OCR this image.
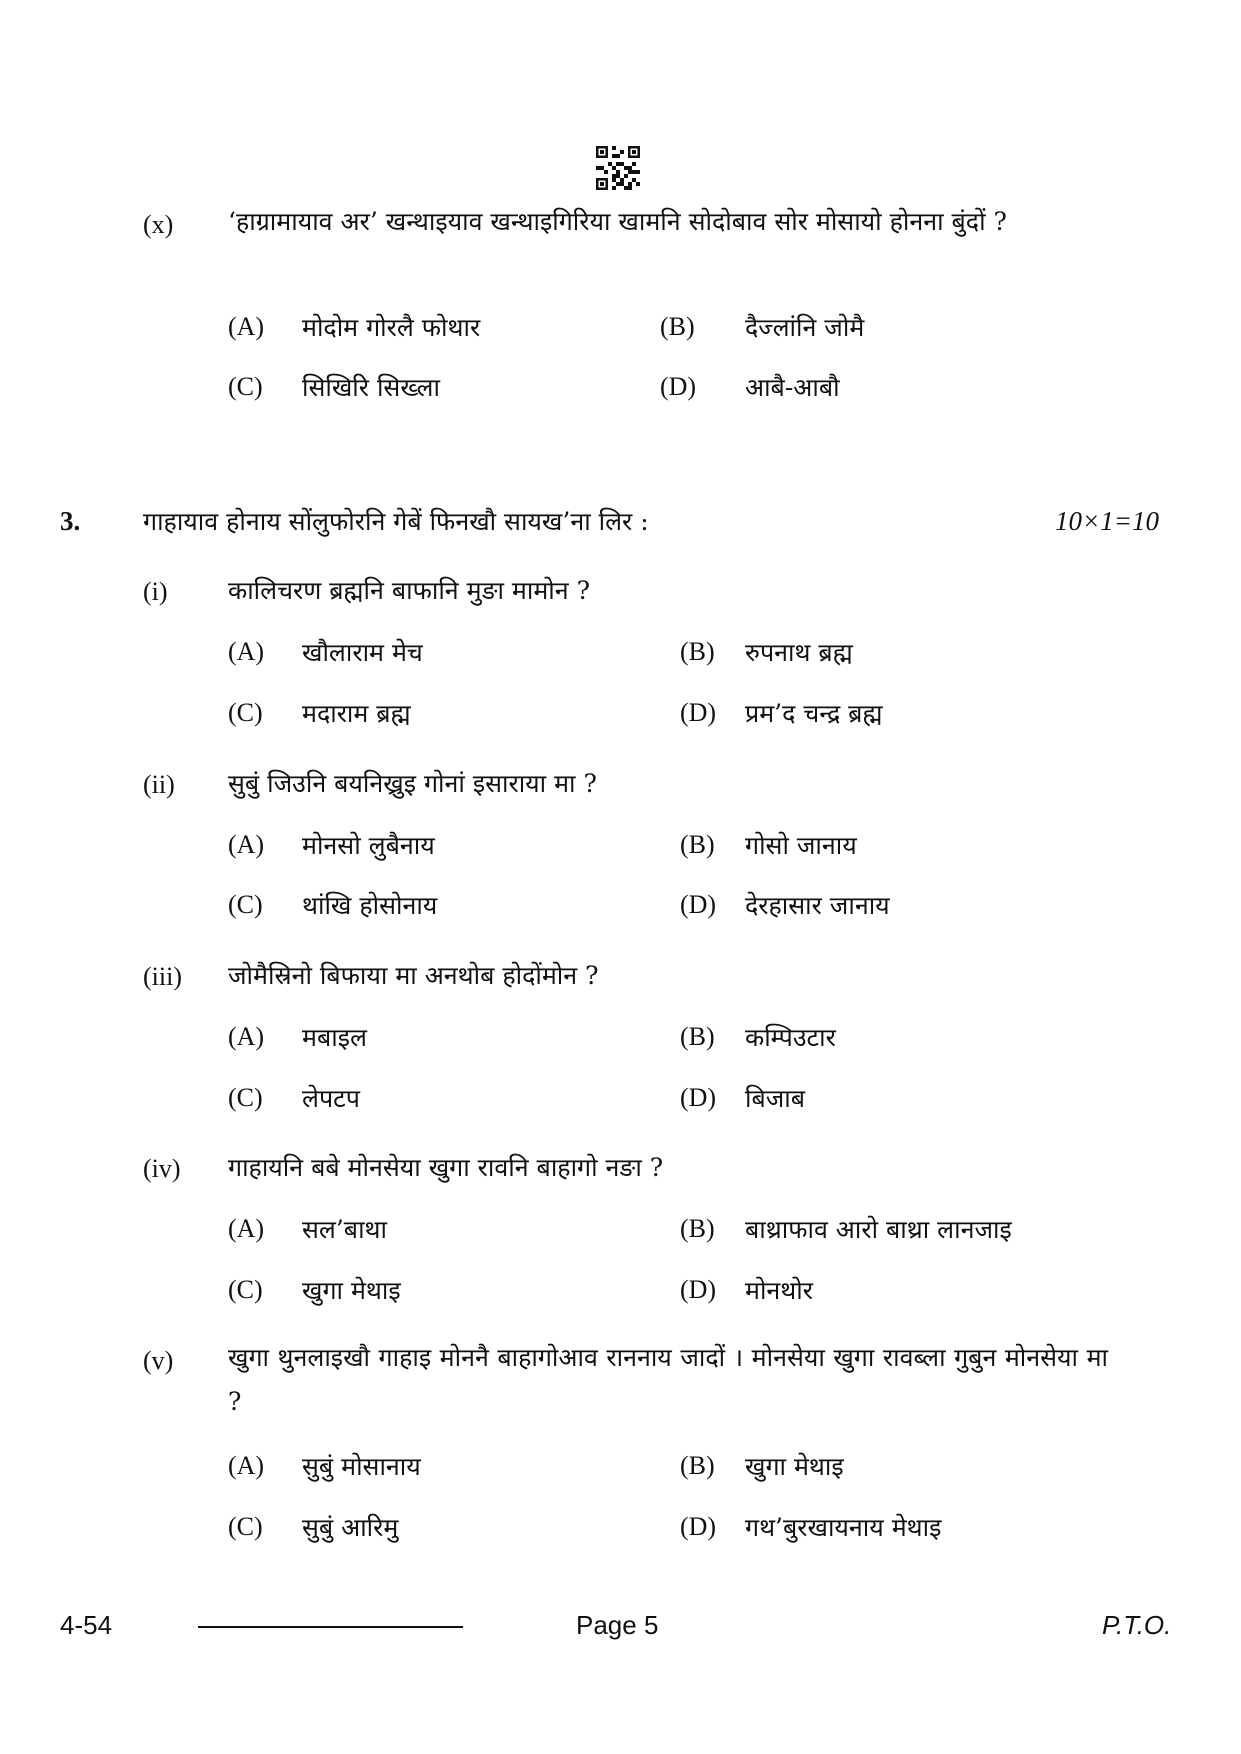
(x) ‘हाग्रामायाव अर’ खन्थाइयाव खन्थाइगिरिया खामनि सोदोबाव सोर मोसायो होनना बुंदों ?
(A) मोदोम गोरलै फोथार	(B) दैज्लांनि जोमै
(C) सिखिरि सिख्ला	(D) आबै-आबौ
3.	गाहायाव होनाय सोंलुफोरनि गेबें फिनखौ सायख’ना लिर :	10×1=10
(i) कालिचरण ब्रह्मनि बाफानि मुङा मामोन ?
(A) खौलाराम मेच	(B) रुपनाथ ब्रह्म
(C) मदाराम ब्रह्म	(D) प्रम’द चन्द्र ब्रह्म
(ii) सुबुं जिउनि बयनिख्रुइ गोनां इसाराया मा ?
(A) मोनसो लुबैनाय	(B) गोसो जानाय
(C) थांखि होसोनाय	(D) देरहासार जानाय
(iii) जोमैस्रिनो बिफाया मा अनथोब होदोंमोन ?
(A) मबाइल	(B) कम्पिउटार
(C) लेपटप	(D) बिजाब
(iv) गाहायनि बबे मोनसेया खुगा रावनि बाहागो नङा ?
(A) सल’बाथा	(B) बाथ्राफाव आरो बाथ्रा लानजाइ
(C) खुगा मेथाइ	(D) मोनथोर
(v) खुगा थुनलाइखौ गाहाइ मोननै बाहागोआव राननाय जादों । मोनसेया खुगा रावब्ला गुबुन मोनसेया मा ?
(A) सुबुं मोसानाय	(B) खुगा मेथाइ
(C) सुबुं आरिमु	(D) गथ’बुरखायनाय मेथाइ
4-54	Page 5	P.T.O.
